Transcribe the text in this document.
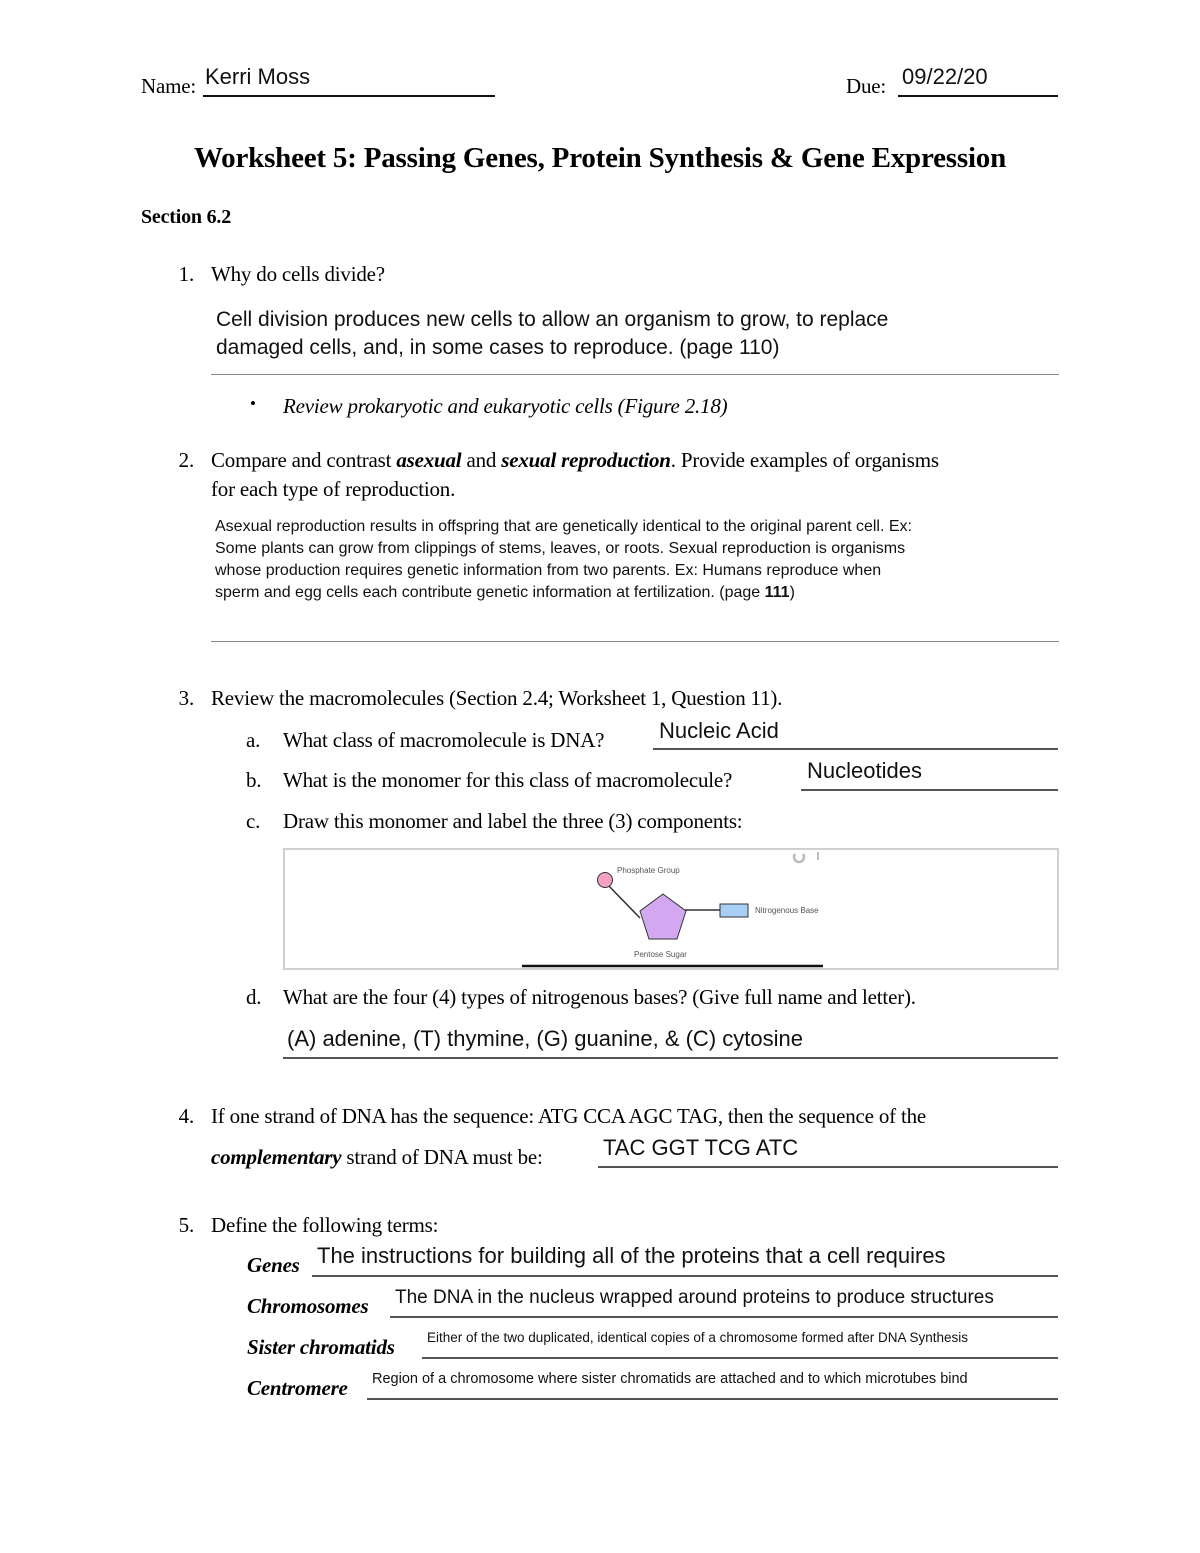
Name: Kerri Moss	Due: 09/22/20
Worksheet 5: Passing Genes, Protein Synthesis & Gene Expression
Section 6.2
1. Why do cells divide?
Cell division produces new cells to allow an organism to grow, to replace
damaged cells, and, in some cases to reproduce. (page 110)
• Review prokaryotic and eukaryotic cells (Figure 2.18)
2. Compare and contrast asexual and sexual reproduction. Provide examples of organisms
for each type of reproduction.
Asexual reproduction results in offspring that are genetically identical to the original parent cell. Ex:
Some plants can grow from clippings of stems, leaves, or roots. Sexual reproduction is organisms
whose production requires genetic information from two parents. Ex: Humans reproduce when
sperm and egg cells each contribute genetic information at fertilization. (page 111)
3. Review the macromolecules (Section 2.4; Worksheet 1, Question 11).
a. What class of macromolecule is DNA? Nucleic Acid
b. What is the monomer for this class of macromolecule?	Nucleotides
c. Draw this monomer and label the three (3) components:
Phosphate Group
Nitrogenous Base
Pentose Sugar
d. What are the four (4) types of nitrogenous bases? (Give full name and letter).
(A) adenine, (T) thymine, (G) guanine, & (C) cytosine
4. If one strand of DNA has the sequence: ATG CCA AGC TAG, then the sequence of the
complementary strand of DNA must be:	TAC GGT TCG ATC
5. Define the following terms:
Genes The instructions for building all of the proteins that a cell requires
Chromosomes The DNA in the nucleus wrapped around proteins to produce structures
Sister chromatids Either of the two duplicated, identical copies of a chromosome formed after DNA Synthesis
Centromere Region of a chromosome where sister chromatids are attached and to which microtubes bind
